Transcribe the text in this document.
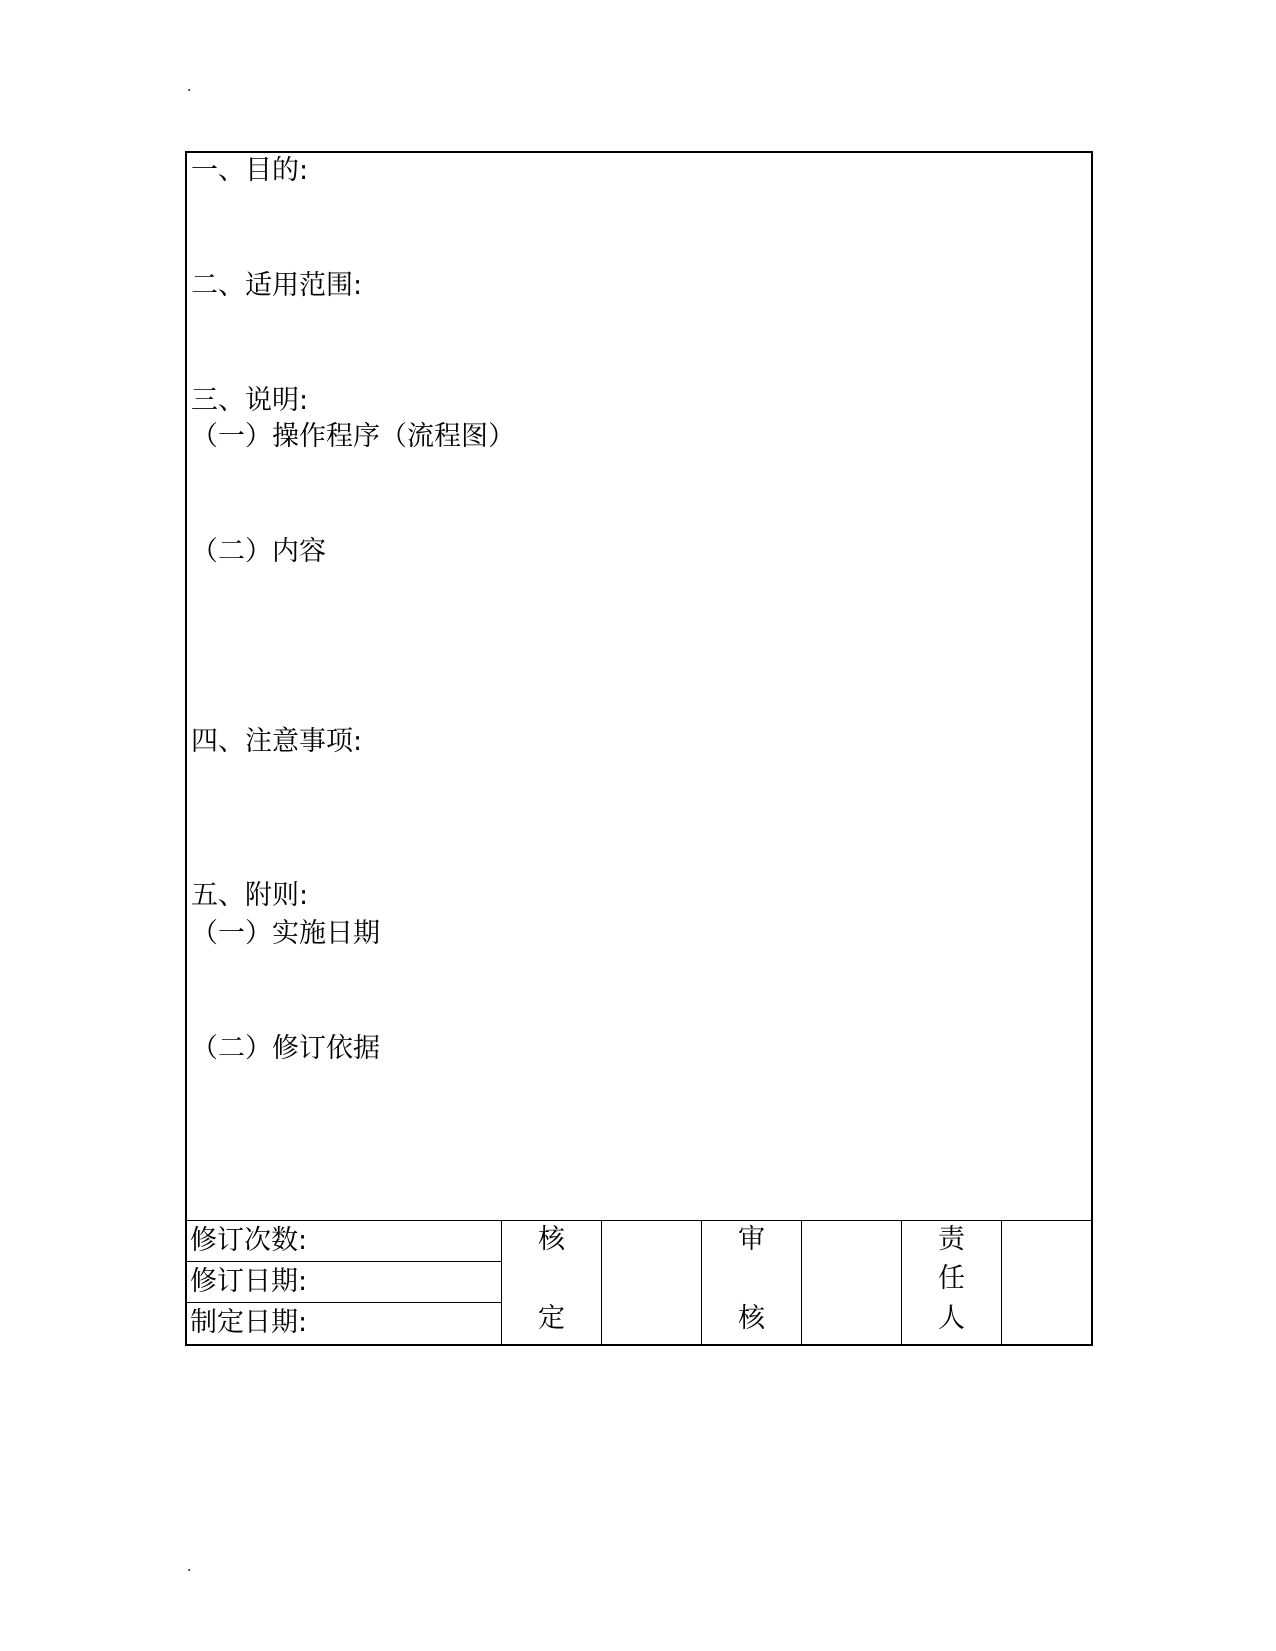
.
一、目的:
二、适用范围:
三、说明:
（一）操作程序（流程图）
（二）内容
四、注意事项:
五、附则:
（一）实施日期
（二）修订依据
修订次数:
修订日期:
制定日期:
核
定
审
核
责
任
人
.
